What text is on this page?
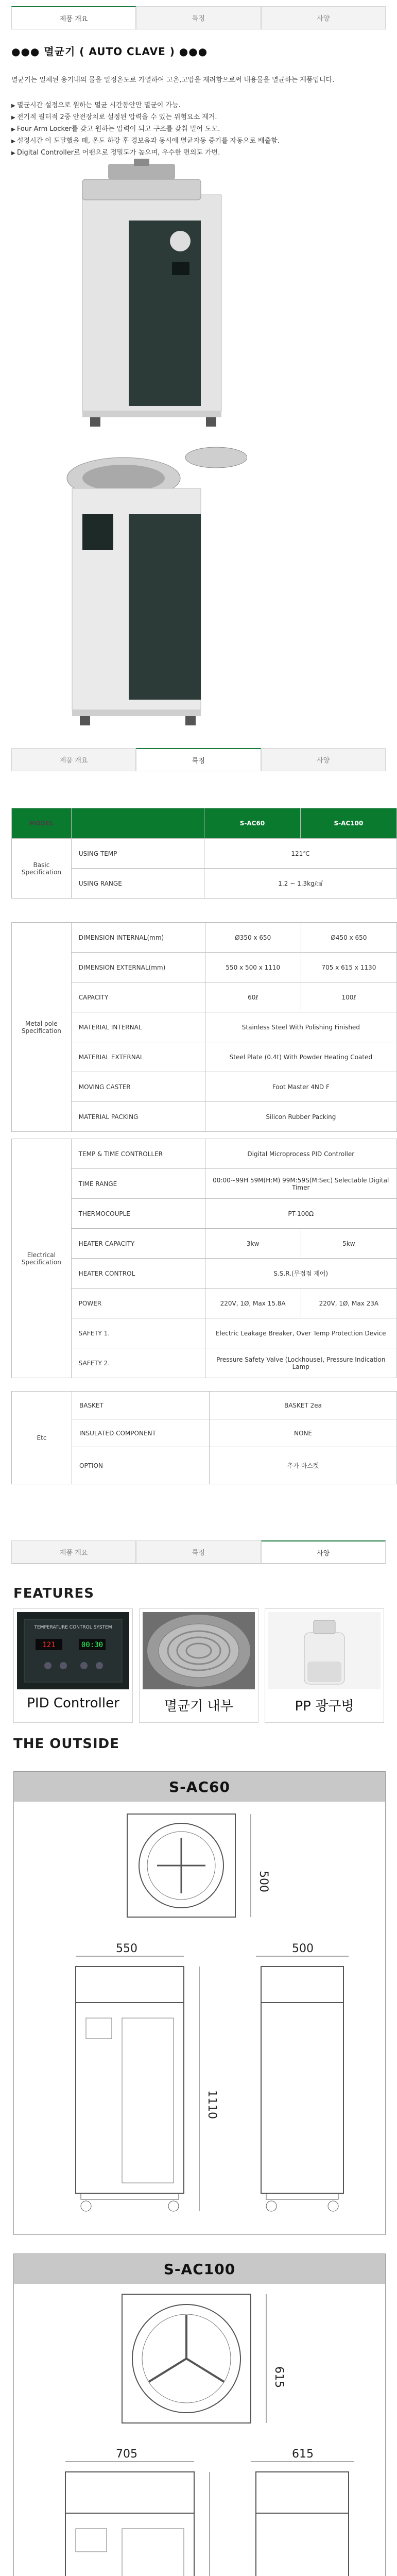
제품 개요	특징	사양
●●● 멸균기 ( AUTO CLAVE ) ●●●
멸균기는 일체된 용기내의 물을 일정온도로 가열하여 고온,고압을 재려함으로써 내용물을 멸균하는 제품입니다.
▶ 멸균시간 설정으로 원하는 멸균 시간동안만 멸균이 가능.
▶ 전기적 필터적 2중 안전장치로 설정된 압력을 수 있는 위험요소 제거.
▶ Four Arm Locker를 갖고 원하는 압력이 되고 구조를 갖춰 밀어 도모.
▶ 설정시간 이 도달했을 때, 온도 하강 후 경보음과 동시에 멸균자동 증기를 자동으로 배출함.
▶ Digital Controller로 어팬으로 정밀도가 높으며, 우수한 편의도 가변.
제품 개요	특징	사양
MODEL		S-AC60	S-AC100
Basic Specification	USING TEMP	121℃	
	USING RANGE	1.2 ~ 1.3kg/㎠	
Metal pole Specification	DIMENSION INTERNAL(mm)	Ø350 x 650	Ø450 x 650
	DIMENSION EXTERNAL(mm)	550 x 500 x 1110	705 x 615 x 1130
	CAPACITY	60ℓ	100ℓ
	MATERIAL INTERNAL	Stainless Steel With Polishing Finished	
	MATERIAL EXTERNAL	Steel Plate (0.4t) With Powder Heating Coated	
	MOVING CASTER	Foot Master 4ND F	
	MATERIAL PACKING	Silicon Rubber Packing	
Electrical Specification	TEMP & TIME CONTROLLER	Digital Microprocess PID Controller	
	TIME RANGE	00:00~99H 59M(H:M) 99M:59S(M:Sec) Selectable Digital Timer	
	THERMOCOUPLE	PT-100Ω	
	HEATER CAPACITY	3kw	5kw
	HEATER CONTROL	S.S.R.(무접점 제어)	
	POWER	220V, 1Ø, Max 15.8A	220V, 1Ø, Max 23A
	SAFETY 1.	Electric Leakage Breaker, Over Temp Protection Device	
	SAFETY 2.	Pressure Safety Valve (Lockhouse), Pressure Indication Lamp	
Etc	BASKET	BASKET 2ea
	INSULATED COMPONENT	NONE
	OPTION	추가 바스켓
제품 개요	특징	사양
FEATURES
TEMPERATURE CONTROL SYSTEM
121	00:30
PID Controller	멸균기 내부	PP 광구병
THE OUTSIDE
S-AC60
500
550
1110
500
S-AC100
615
705	615
